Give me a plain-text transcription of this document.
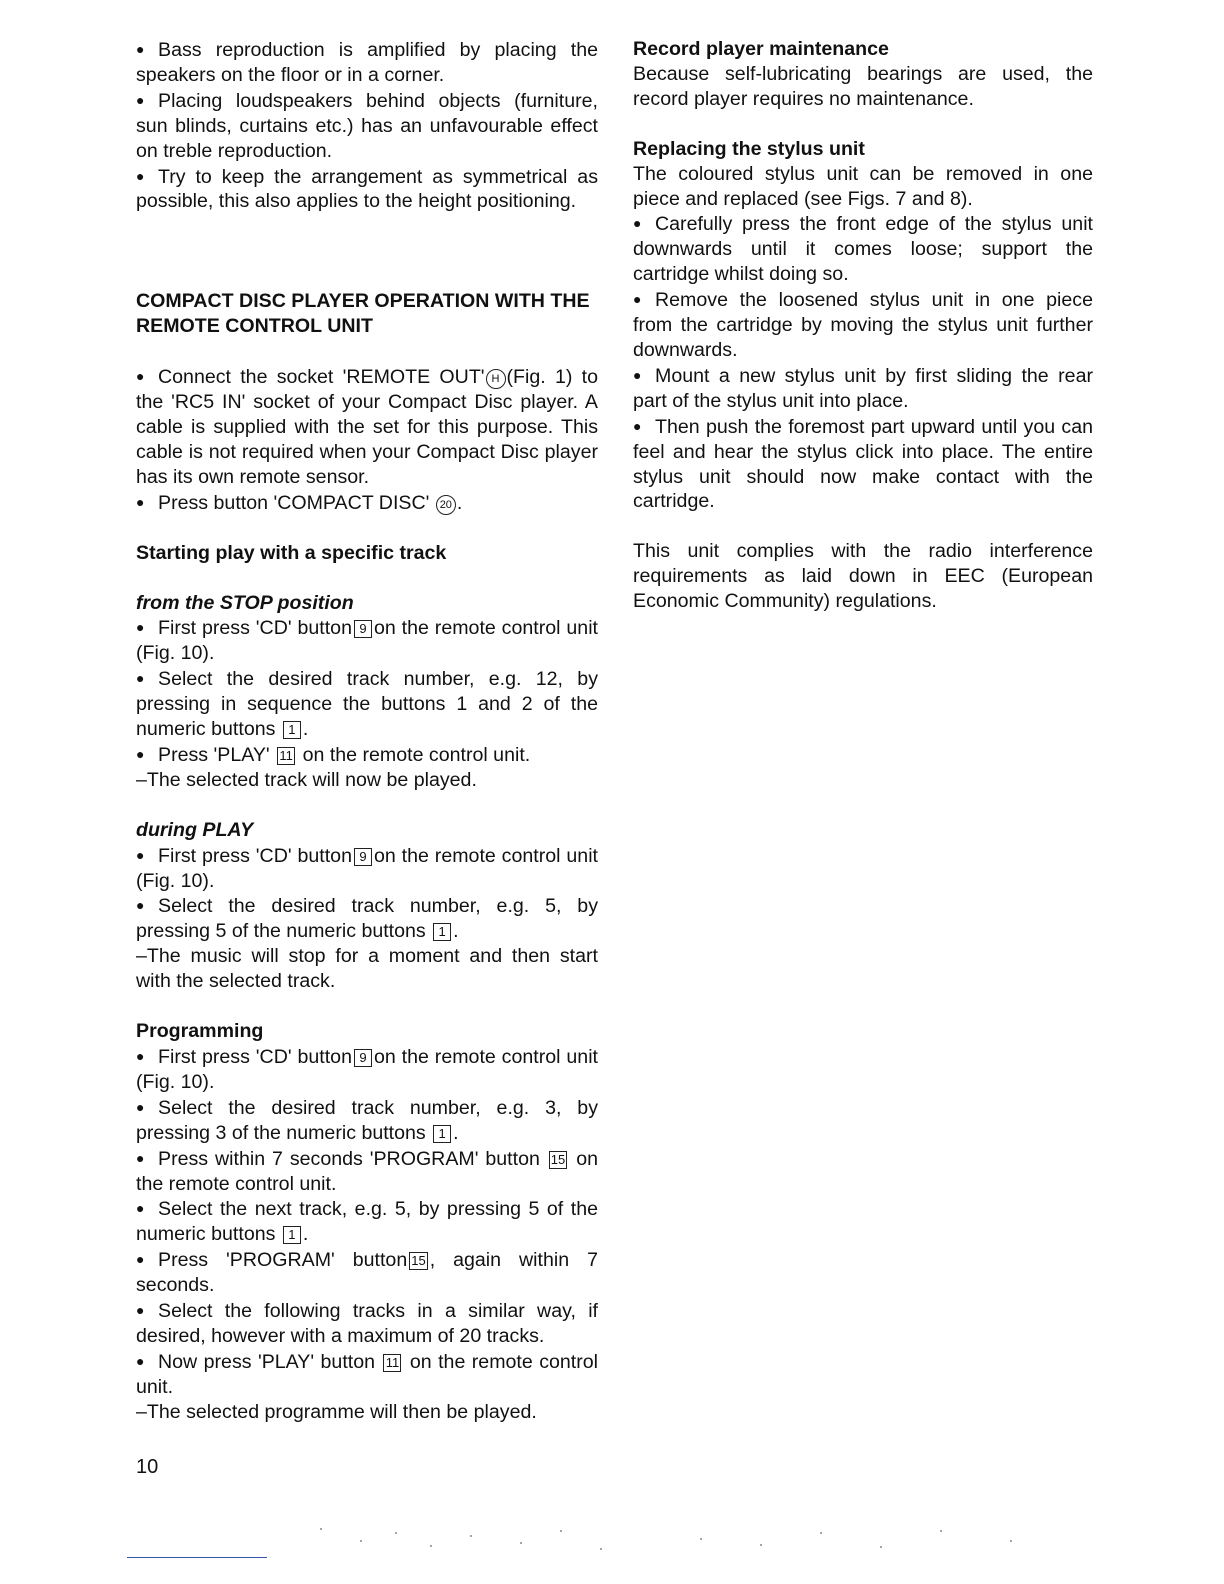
● Bass reproduction is amplified by placing the speakers on the floor or in a corner.

● Placing loudspeakers behind objects (furniture, sun blinds, curtains etc.) has an unfavourable effect on treble reproduction.

● Try to keep the arrangement as symmetrical as possible, this also applies to the height positioning.

COMPACT DISC PLAYER OPERATION WITH THE REMOTE CONTROL UNIT

● Connect the socket 'REMOTE OUT' H (Fig. 1) to the 'RC5 IN' socket of your Compact Disc player. A cable is supplied with the set for this purpose. This cable is not required when your Compact Disc player has its own remote sensor.

● Press button 'COMPACT DISC' 20 .

Starting play with a specific track

from the STOP position

● First press 'CD' button 9 on the remote control unit (Fig. 10).

● Select the desired track number, e.g. 12, by pressing in sequence the buttons 1 and 2 of the numeric buttons 1 .

● Press 'PLAY' 11 on the remote control unit.

– The selected track will now be played.

during PLAY

● First press 'CD' button 9 on the remote control unit (Fig. 10).

● Select the desired track number, e.g. 5, by pressing 5 of the numeric buttons 1 .

– The music will stop for a moment and then start with the selected track.

Programming

● First press 'CD' button 9 on the remote control unit (Fig. 10).

● Select the desired track number, e.g. 3, by pressing 3 of the numeric buttons 1 .

● Press within 7 seconds 'PROGRAM' button 15 on the remote control unit.

● Select the next track, e.g. 5, by pressing 5 of the numeric buttons 1 .

● Press 'PROGRAM' button 15 , again within 7 seconds.

● Select the following tracks in a similar way, if desired, however with a maximum of 20 tracks.

● Now press 'PLAY' button 11 on the remote control unit.

– The selected programme will then be played.

Record player maintenance

Because self-lubricating bearings are used, the record player requires no maintenance.

Replacing the stylus unit

The coloured stylus unit can be removed in one piece and replaced (see Figs. 7 and 8).

● Carefully press the front edge of the stylus unit downwards until it comes loose; support the cartridge whilst doing so.

● Remove the loosened stylus unit in one piece from the cartridge by moving the stylus unit further downwards.

● Mount a new stylus unit by first sliding the rear part of the stylus unit into place.

● Then push the foremost part upward until you can feel and hear the stylus click into place. The entire stylus unit should now make contact with the cartridge.

This unit complies with the radio interference requirements as laid down in EEC (European Economic Community) regulations.

10
